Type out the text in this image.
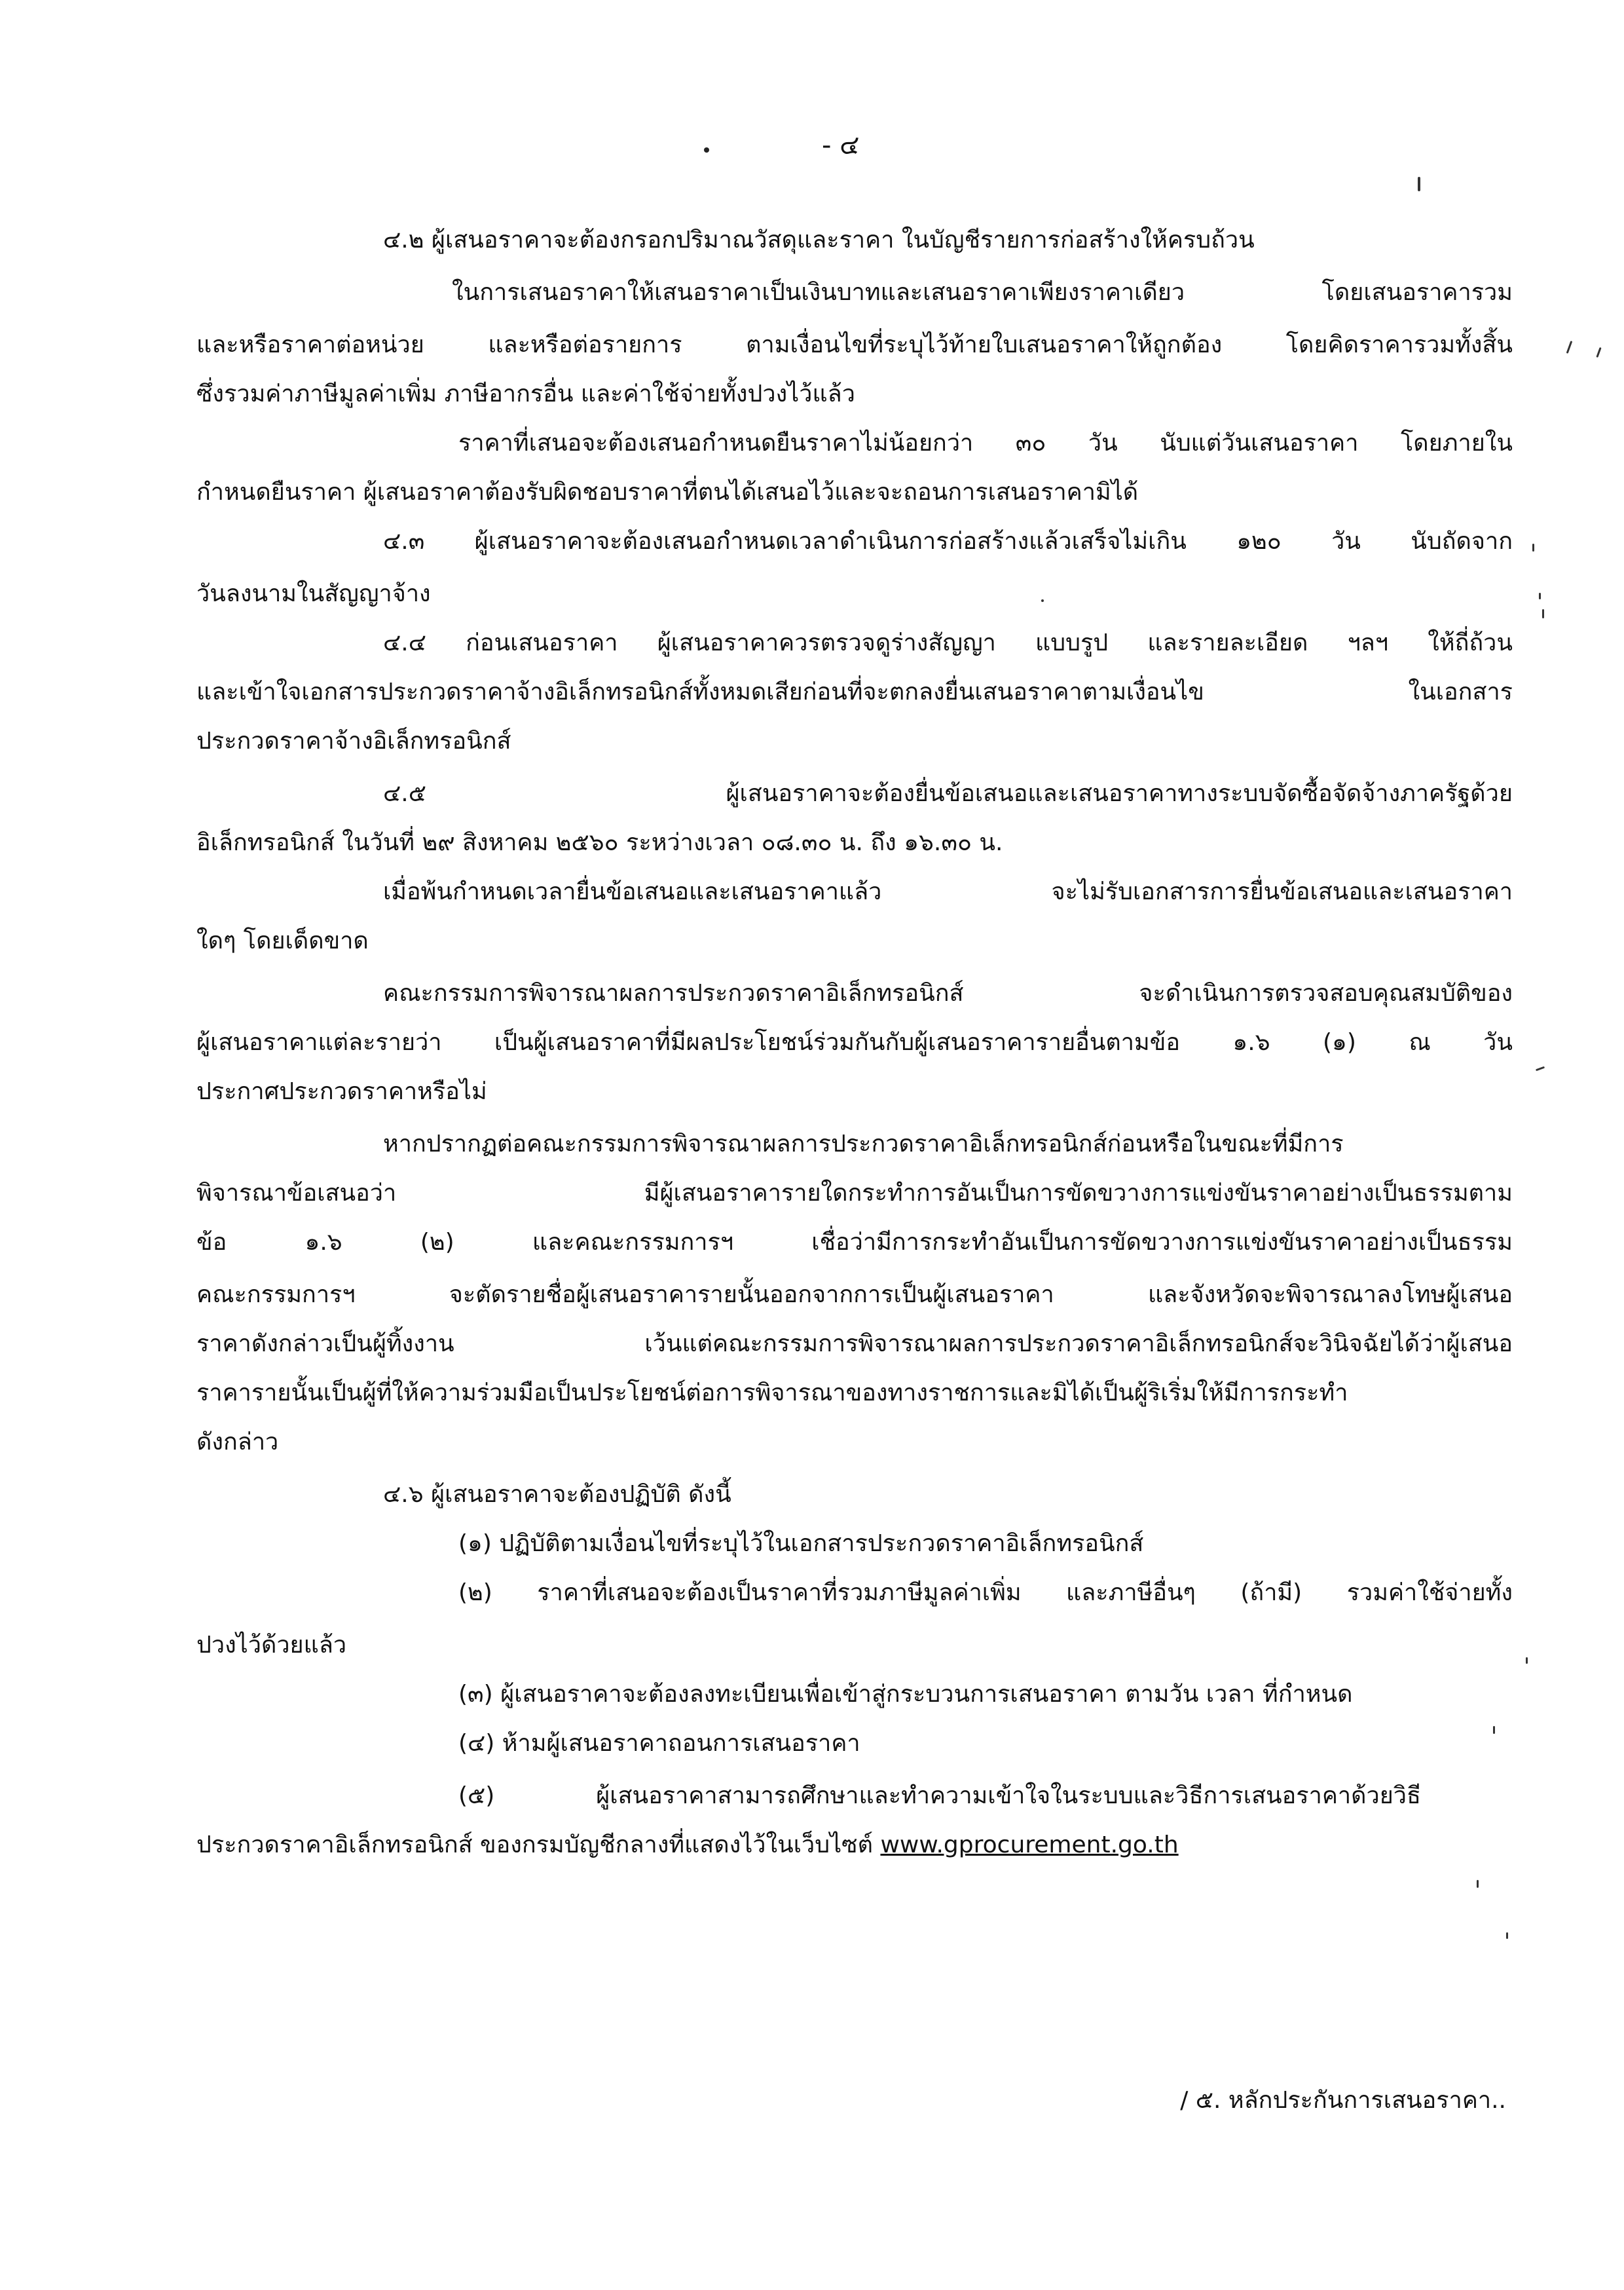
- ๔

๔.๒ ผู้เสนอราคาจะต้องกรอกปริมาณวัสดุและราคา ในบัญชีรายการก่อสร้างให้ครบถ้วน

ในการเสนอราคาให้เสนอราคาเป็นเงินบาทและเสนอราคาเพียงราคาเดียว โดยเสนอราคารวม

และหรือราคาต่อหน่วย และหรือต่อรายการ ตามเงื่อนไขที่ระบุไว้ท้ายใบเสนอราคาให้ถูกต้อง โดยคิดราคารวมทั้งสิ้น

ซึ่งรวมค่าภาษีมูลค่าเพิ่ม ภาษีอากรอื่น และค่าใช้จ่ายทั้งปวงไว้แล้ว

ราคาที่เสนอจะต้องเสนอกำหนดยืนราคาไม่น้อยกว่า ๓๐ วัน นับแต่วันเสนอราคา โดยภายใน

กำหนดยืนราคา ผู้เสนอราคาต้องรับผิดชอบราคาที่ตนได้เสนอไว้และจะถอนการเสนอราคามิได้

๔.๓ ผู้เสนอราคาจะต้องเสนอกำหนดเวลาดำเนินการก่อสร้างแล้วเสร็จไม่เกิน ๑๒๐ วัน นับถัดจาก

วันลงนามในสัญญาจ้าง

๔.๔ ก่อนเสนอราคา ผู้เสนอราคาควรตรวจดูร่างสัญญา แบบรูป และรายละเอียด ฯลฯ ให้ถี่ถ้วน

และเข้าใจเอกสารประกวดราคาจ้างอิเล็กทรอนิกส์ทั้งหมดเสียก่อนที่จะตกลงยื่นเสนอราคาตามเงื่อนไข ในเอกสาร

ประกวดราคาจ้างอิเล็กทรอนิกส์

๔.๕ ผู้เสนอราคาจะต้องยื่นข้อเสนอและเสนอราคาทางระบบจัดซื้อจัดจ้างภาครัฐด้วย

อิเล็กทรอนิกส์ ในวันที่ ๒๙ สิงหาคม ๒๕๖๐ ระหว่างเวลา ๐๘.๓๐ น. ถึง ๑๖.๓๐ น.

เมื่อพ้นกำหนดเวลายื่นข้อเสนอและเสนอราคาแล้ว จะไม่รับเอกสารการยื่นข้อเสนอและเสนอราคา

ใดๆ โดยเด็ดขาด

คณะกรรมการพิจารณาผลการประกวดราคาอิเล็กทรอนิกส์ จะดำเนินการตรวจสอบคุณสมบัติของ

ผู้เสนอราคาแต่ละรายว่า เป็นผู้เสนอราคาที่มีผลประโยชน์ร่วมกันกับผู้เสนอราคารายอื่นตามข้อ ๑.๖ (๑) ณ วัน

ประกาศประกวดราคาหรือไม่

หากปรากฏต่อคณะกรรมการพิจารณาผลการประกวดราคาอิเล็กทรอนิกส์ก่อนหรือในขณะที่มีการ

พิจารณาข้อเสนอว่า มีผู้เสนอราคารายใดกระทำการอันเป็นการขัดขวางการแข่งขันราคาอย่างเป็นธรรมตาม

ข้อ ๑.๖ (๒) และคณะกรรมการฯ เชื่อว่ามีการกระทำอันเป็นการขัดขวางการแข่งขันราคาอย่างเป็นธรรม

คณะกรรมการฯ จะตัดรายชื่อผู้เสนอราคารายนั้นออกจากการเป็นผู้เสนอราคา และจังหวัดจะพิจารณาลงโทษผู้เสนอ

ราคาดังกล่าวเป็นผู้ทิ้งงาน เว้นแต่คณะกรรมการพิจารณาผลการประกวดราคาอิเล็กทรอนิกส์จะวินิจฉัยได้ว่าผู้เสนอ

ราคารายนั้นเป็นผู้ที่ให้ความร่วมมือเป็นประโยชน์ต่อการพิจารณาของทางราชการและมิได้เป็นผู้ริเริ่มให้มีการกระทำ

ดังกล่าว

๔.๖ ผู้เสนอราคาจะต้องปฏิบัติ ดังนี้

(๑) ปฏิบัติตามเงื่อนไขที่ระบุไว้ในเอกสารประกวดราคาอิเล็กทรอนิกส์

(๒) ราคาที่เสนอจะต้องเป็นราคาที่รวมภาษีมูลค่าเพิ่ม และภาษีอื่นๆ (ถ้ามี) รวมค่าใช้จ่ายทั้ง

ปวงไว้ด้วยแล้ว

(๓) ผู้เสนอราคาจะต้องลงทะเบียนเพื่อเข้าสู่กระบวนการเสนอราคา ตามวัน เวลา ที่กำหนด

(๔) ห้ามผู้เสนอราคาถอนการเสนอราคา

(๕) ผู้เสนอราคาสามารถศึกษาและทำความเข้าใจในระบบและวิธีการเสนอราคาด้วยวิธี

ประกวดราคาอิเล็กทรอนิกส์ ของกรมบัญชีกลางที่แสดงไว้ในเว็บไซต์ www.gprocurement.go.th

/ ๕. หลักประกันการเสนอราคา..
